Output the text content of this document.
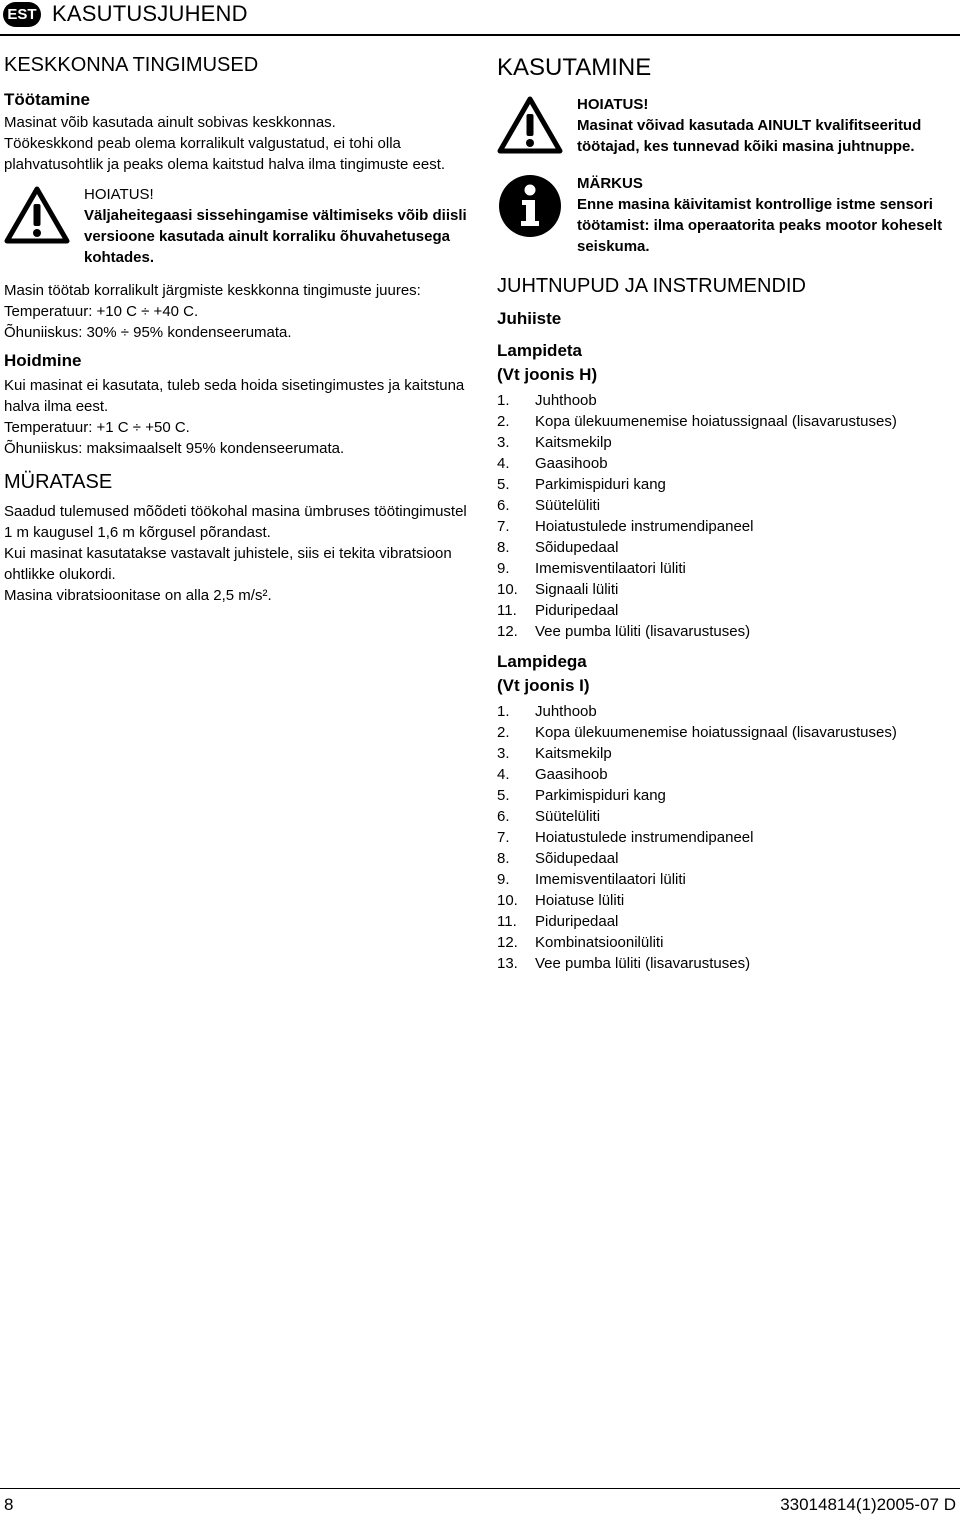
EST KASUTUSJUHEND
KESKKONNA TINGIMUSED
Töötamine

Masinat võib kasutada ainult sobivas keskkonnas.

Töökeskkond peab olema korralikult valgustatud, ei tohi olla plahvatusohtlik ja peaks olema kaitstud halva ilma tingimuste eest.

HOIATUS!

Väljaheitegaasi sissehingamise vältimiseks võib diisli versioone kasutada ainult korraliku õhuvahetusega kohtades.

Masin töötab korralikult järgmiste keskkonna tingimuste juures:

Temperatuur: +10 C ÷ +40 C.

Õhuniiskus: 30% ÷ 95% kondenseerumata.

Hoidmine

Kui masinat ei kasutata, tuleb seda hoida sisetingimustes ja kaitstuna halva ilma eest.

Temperatuur: +1 C ÷ +50 C.

Õhuniiskus: maksimaalselt 95% kondenseerumata.

MÜRATASE

Saadud tulemused mõõdeti töökohal masina ümbruses töötingimustel 1 m kaugusel 1,6 m kõrgusel põrandast.

Kui masinat kasutatakse vastavalt juhistele, siis ei tekita vibratsioon ohtlikke olukordi.

Masina vibratsioonitase on alla 2,5 m/s².

KASUTAMINE

HOIATUS!

Masinat võivad kasutada AINULT kvalifitseeritud töötajad, kes tunnevad kõiki masina juhtnuppe.

MÄRKUS

Enne masina käivitamist kontrollige istme sensori töötamist: ilma operaatorita peaks mootor koheselt seiskuma.

JUHTNUPUD JA INSTRUMENDID
Juhiiste
Lampideta
(Vt joonis H)
1. Juhthoob
2. Kopa ülekuumenemise hoiatussignaal (lisavarustuses)
3. Kaitsmekilp
4. Gaasihoob
5. Parkimispiduri kang
6. Süütelüliti
7. Hoiatustulede instrumendipaneel
8. Sõidupedaal
9. Imemisventilaatori lüliti
10. Signaali lüliti
11. Piduripedaal
12. Vee pumba lüliti (lisavarustuses)
Lampidega
(Vt joonis I)
1. Juhthoob
2. Kopa ülekuumenemise hoiatussignaal (lisavarustuses)
3. Kaitsmekilp
4. Gaasihoob
5. Parkimispiduri kang
6. Süütelüliti
7. Hoiatustulede instrumendipaneel
8. Sõidupedaal
9. Imemisventilaatori lüliti
10. Hoiatuse lüliti
11. Piduripedaal
12. Kombinatsioonilüliti
13. Vee pumba lüliti (lisavarustuses)
8	33014814(1)2005-07 D
